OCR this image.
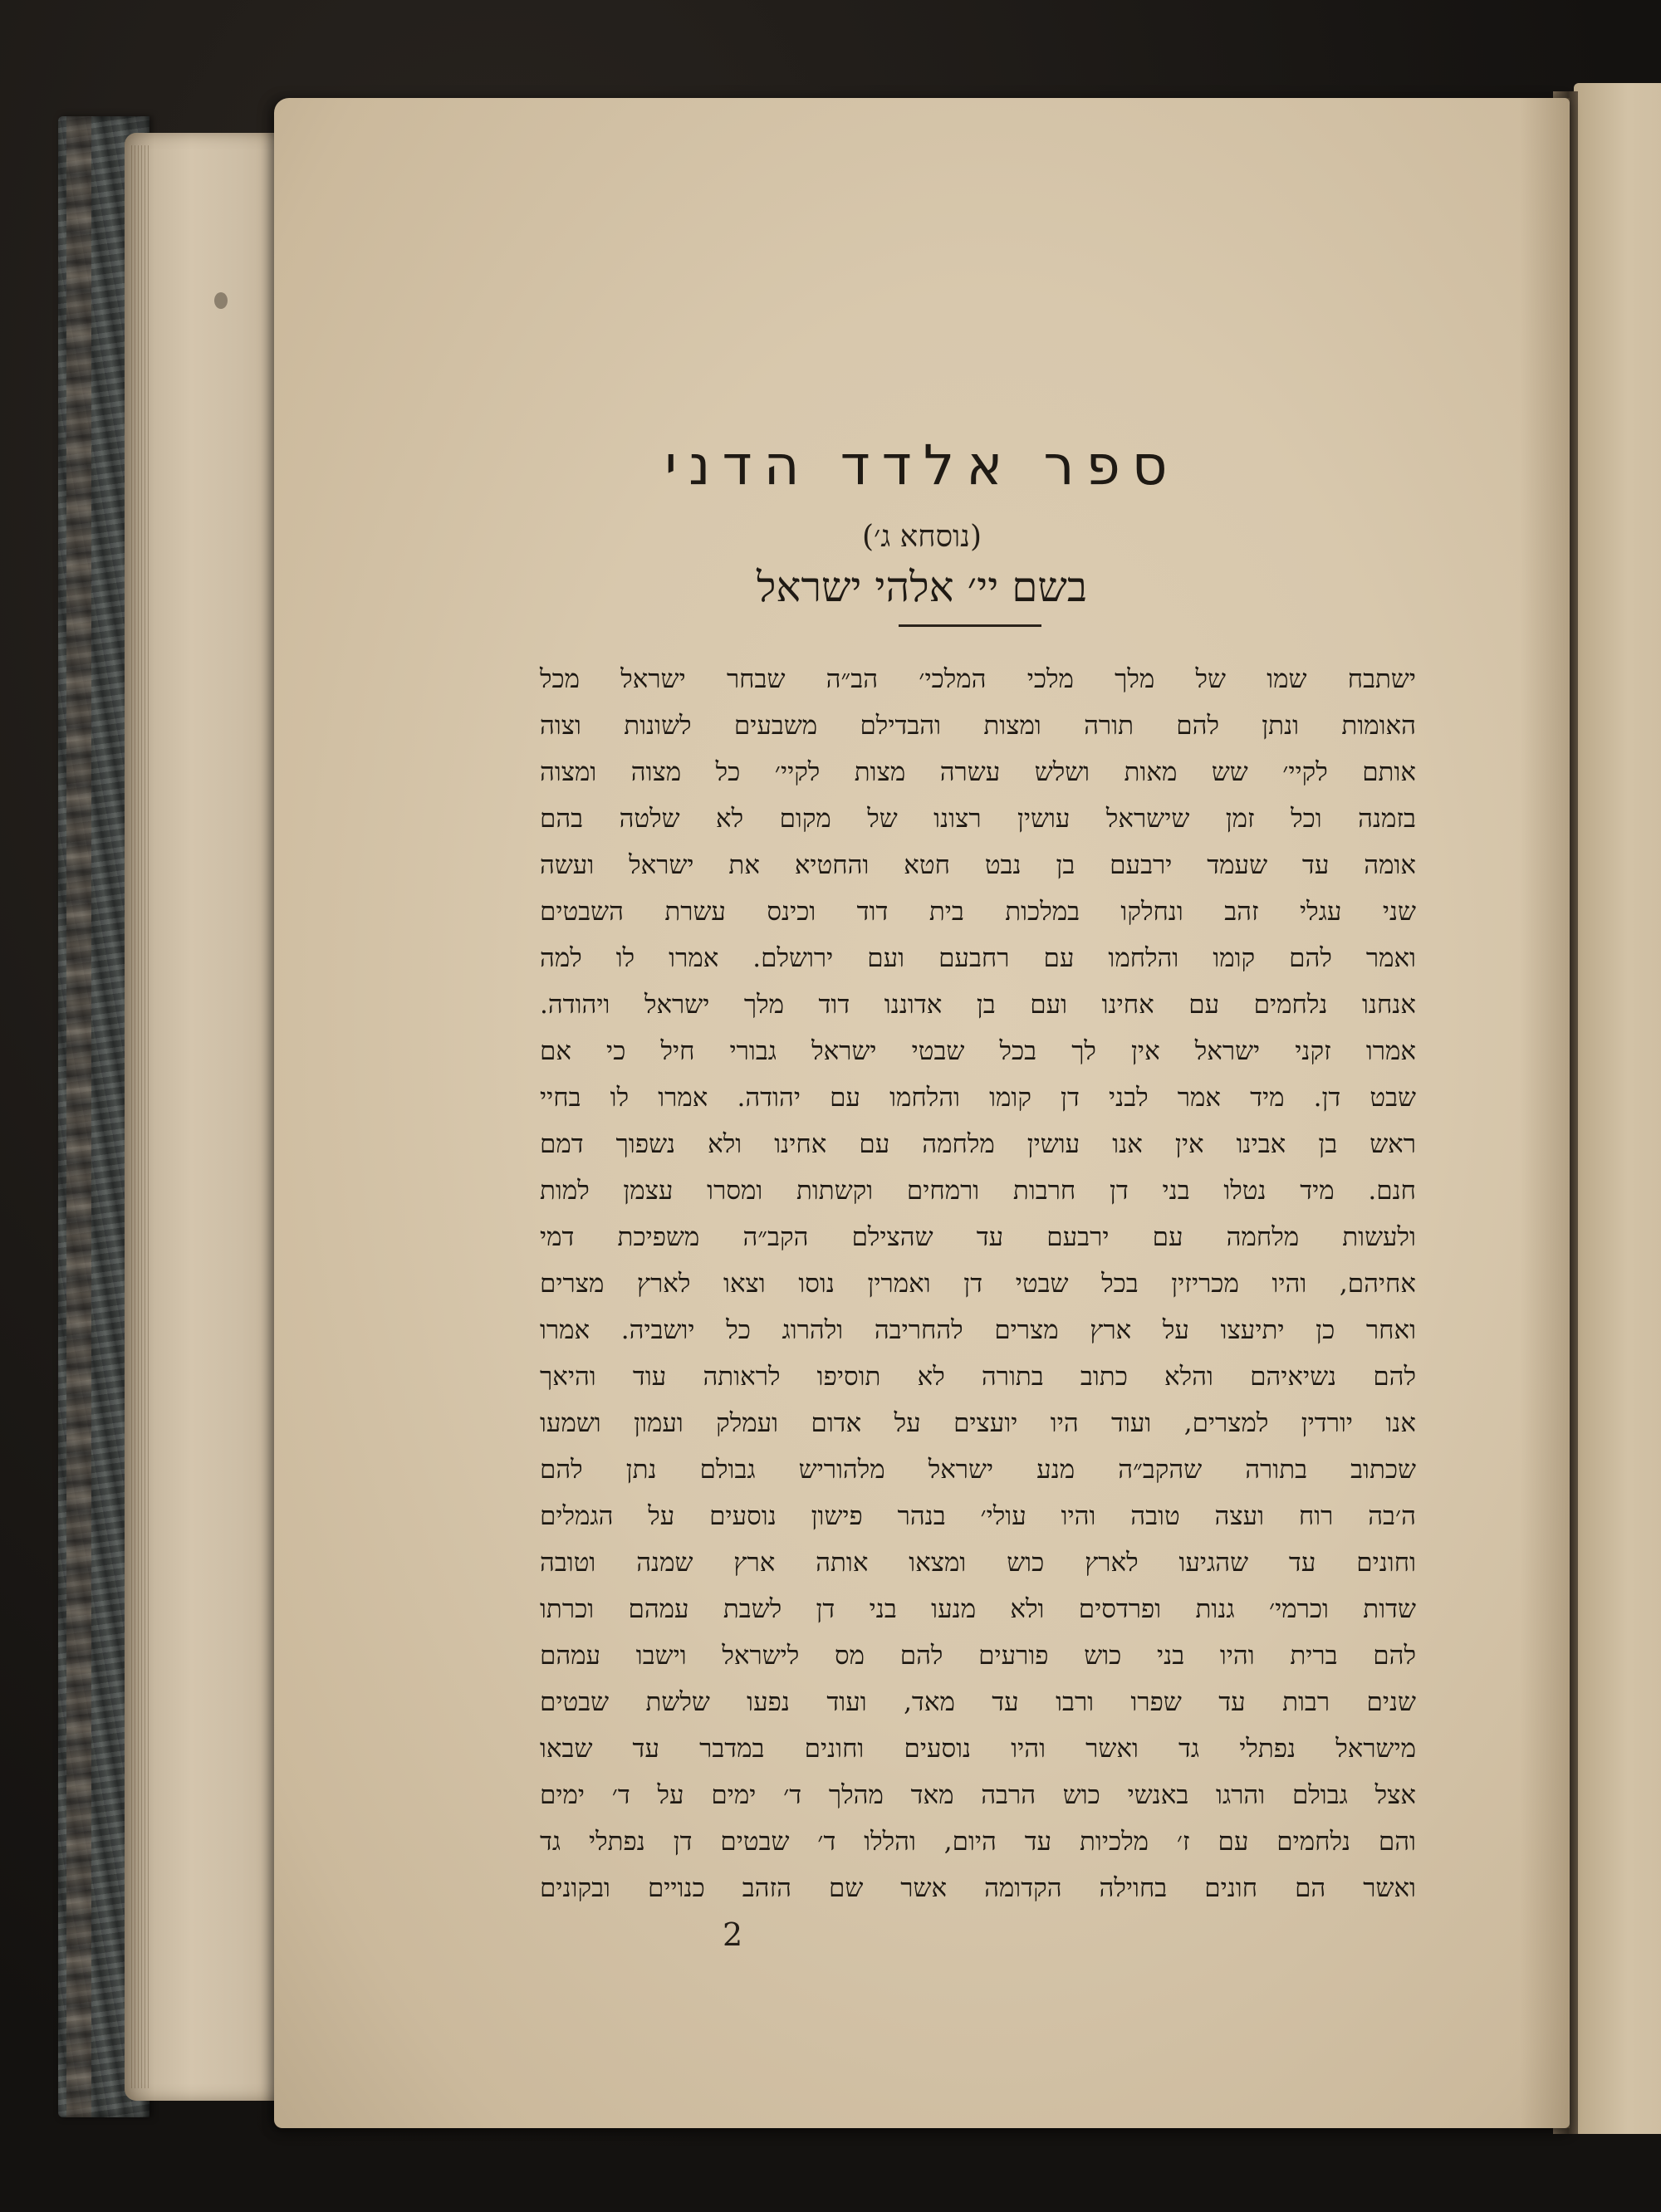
ספר אלדד הדני
(נוסחא ג׳)
בשם יי׳ אלהי ישראל
ישתבח שמו של מלך מלכי המלכי׳ הב״ה שבחר ישראל מכל
האומות ונתן להם תורה ומצות והבדילם משבעים לשונות וצוה
אותם לקיי׳ שש מאות ושלש עשרה מצות לקיי׳ כל מצוה ומצוה
בזמנה וכל זמן שישראל עושין רצונו של מקום לא שלטה בהם
אומה עד שעמד ירבעם בן נבט חטא והחטיא את ישראל ועשה
שני עגלי זהב ונחלקו במלכות בית דוד וכינס עשרת השבטים
ואמר להם קומו והלחמו עם רחבעם ועם ירושלם. אמרו לו למה
אנחנו נלחמים עם אחינו ועם בן אדוננו דוד מלך ישראל ויהודה.
אמרו זקני ישראל אין לך בכל שבטי ישראל גבורי חיל כי אם
שבט דן. מיד אמר לבני דן קומו והלחמו עם יהודה. אמרו לו בחיי
ראש בן אבינו אין אנו עושין מלחמה עם אחינו ולא נשפוך דמם
חנם. מיד נטלו בני דן חרבות ורמחים וקשתות ומסרו עצמן למות
ולעשות מלחמה עם ירבעם עד שהצילם הקב״ה משפיכת דמי
אחיהם, והיו מכריזין בכל שבטי דן ואמרין נוסו וצאו לארץ מצרים
ואחר כן יתיעצו על ארץ מצרים להחריבה ולהרוג כל יושביה. אמרו
להם נשיאיהם והלא כתוב בתורה לא תוסיפו לראותה עוד והיאך
אנו יורדין למצרים, ועוד היו יועצים על אדום ועמלק ועמון ושמעו
שכתוב בתורה שהקב״ה מנע ישראל מלהוריש גבולם נתן להם
ה׳בה רוח ועצה טובה והיו עולי׳ בנהר פישון נוסעים על הגמלים
וחונים עד שהגיעו לארץ כוש ומצאו אותה ארץ שמנה וטובה
שדות וכרמי׳ גנות ופרדסים ולא מנעו בני דן לשבת עמהם וכרתו
להם ברית והיו בני כוש פורעים להם מס לישראל וישבו עמהם
שנים רבות עד שפרו ורבו עד מאד, ועוד נפעו שלשת שבטים
מישראל נפתלי גד ואשר והיו נוסעים וחונים במדבר עד שבאו
אצל גבולם והרגו באנשי כוש הרבה מאד מהלך ד׳ ימים על ד׳ ימים
והם נלחמים עם ז׳ מלכיות עד היום, והללו ד׳ שבטים דן נפתלי גד
ואשר הם חונים בחוילה הקדומה אשר שם הזהב כנויים ובקונים
2
